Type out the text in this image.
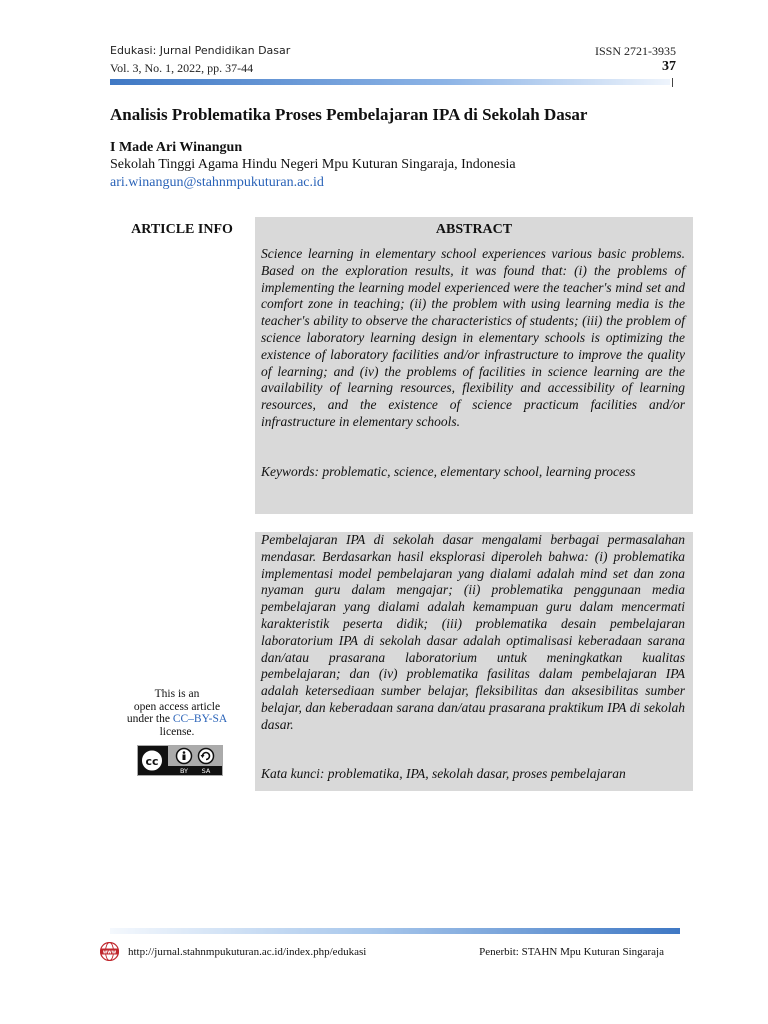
Edukasi: Jurnal Pendidikan Dasar
Vol. 3, No. 1, 2022, pp. 37-44
ISSN 2721-3935
37
Analisis Problematika Proses Pembelajaran IPA di Sekolah Dasar
I Made Ari Winangun
Sekolah Tinggi Agama Hindu Negeri Mpu Kuturan Singaraja, Indonesia
ari.winangun@stahnmpukuturan.ac.id
ARTICLE INFO	ABSTRACT
Science learning in elementary school experiences various basic problems. Based on the exploration results, it was found that: (i) the problems of implementing the learning model experienced were the teacher's mind set and comfort zone in teaching; (ii) the problem with using learning media is the teacher's ability to observe the characteristics of students; (iii) the problem of science laboratory learning design in elementary schools is optimizing the existence of laboratory facilities and/or infrastructure to improve the quality of learning; and (iv) the problems of facilities in science learning are the availability of learning resources, flexibility and accessibility of learning resources, and the existence of science practicum facilities and/or infrastructure in elementary schools.
Keywords: problematic, science, elementary school, learning process
Pembelajaran IPA di sekolah dasar mengalami berbagai permasalahan mendasar. Berdasarkan hasil eksplorasi diperoleh bahwa: (i) problematika implementasi model pembelajaran yang dialami adalah mind set dan zona nyaman guru dalam mengajar; (ii) problematika penggunaan media pembelajaran yang dialami adalah kemampuan guru dalam mencermati karakteristik peserta didik; (iii) problematika desain pembelajaran laboratorium IPA di sekolah dasar adalah optimalisasi keberadaan sarana dan/atau prasarana laboratorium untuk meningkatkan kualitas pembelajaran; dan (iv) problematika fasilitas dalam pembelajaran IPA adalah ketersediaan sumber belajar, fleksibilitas dan aksesibilitas sumber belajar, dan keberadaan sarana dan/atau prasarana praktikum IPA di sekolah dasar.
Kata kunci: problematika, IPA, sekolah dasar, proses pembelajaran
This is an
open access article
under the CC–BY-SA
license.
cc
BY SA
www http://jurnal.stahnmpukuturan.ac.id/index.php/edukasi	Penerbit: STAHN Mpu Kuturan Singaraja
